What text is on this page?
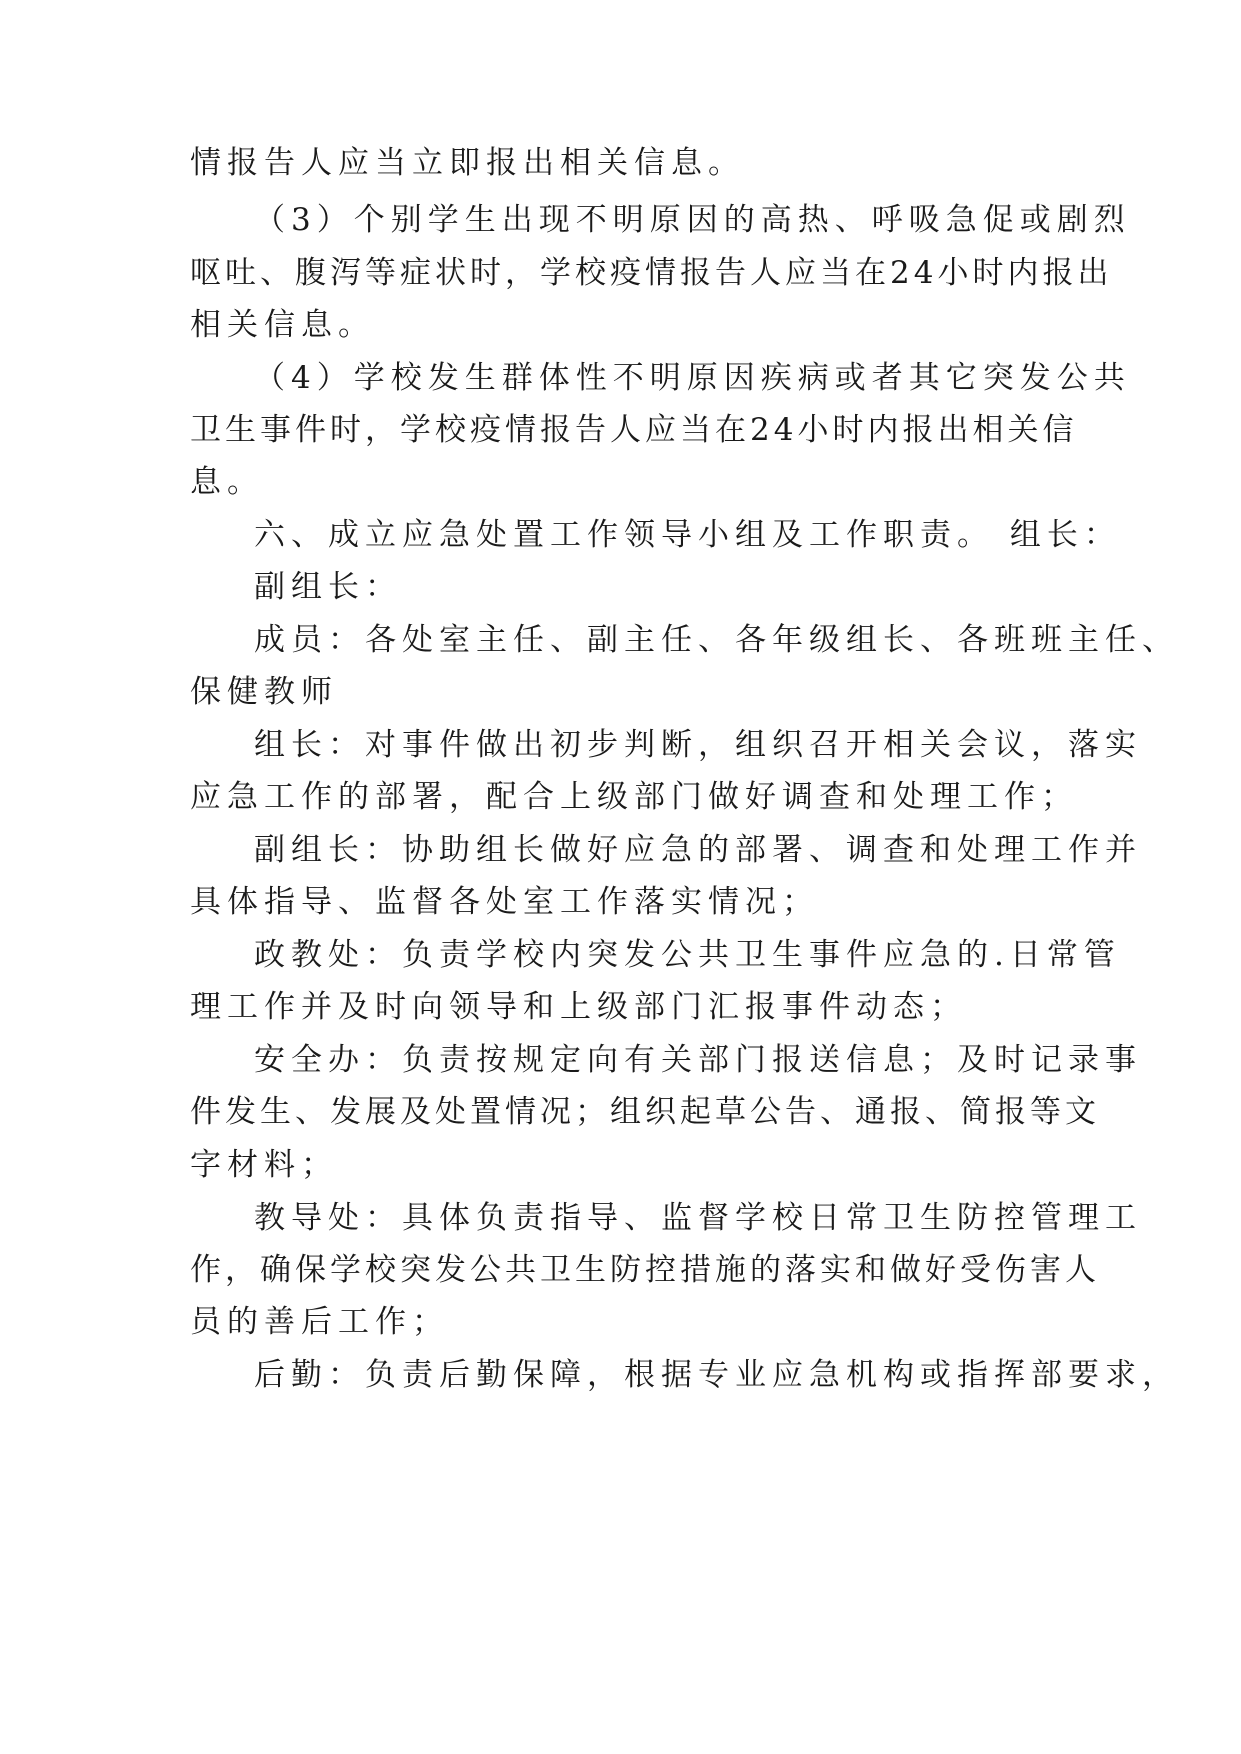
情报告人应当立即报出相关信息。
（3）个别学生出现不明原因的高热、呼吸急促或剧烈
呕吐、腹泻等症状时，学校疫情报告人应当在24小时内报出
相关信息。
（4）学校发生群体性不明原因疾病或者其它突发公共
卫生事件时，学校疫情报告人应当在24小时内报出相关信
息。
六、成立应急处置工作领导小组及工作职责。 组长：
副组长：
成员：各处室主任、副主任、各年级组长、各班班主任、
保健教师
组长：对事件做出初步判断，组织召开相关会议，落实
应急工作的部署，配合上级部门做好调查和处理工作；
副组长：协助组长做好应急的部署、调查和处理工作并
具体指导、监督各处室工作落实情况；
政教处：负责学校内突发公共卫生事件应急的.日常管
理工作并及时向领导和上级部门汇报事件动态；
安全办：负责按规定向有关部门报送信息；及时记录事
件发生、发展及处置情况；组织起草公告、通报、简报等文
字材料；
教导处：具体负责指导、监督学校日常卫生防控管理工
作，确保学校突发公共卫生防控措施的落实和做好受伤害人
员的善后工作；
后勤：负责后勤保障，根据专业应急机构或指挥部要求，
